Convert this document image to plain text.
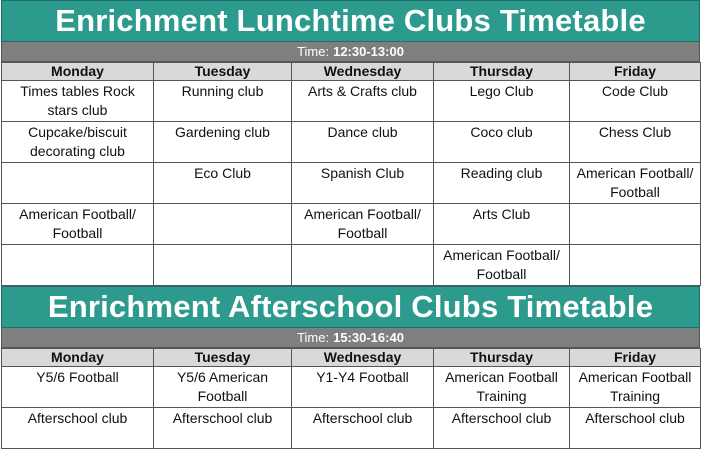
Enrichment Lunchtime Clubs Timetable
Time: 12:30-13:00
Monday	Tuesday	Wednesday	Thursday	Friday
Times tables Rock stars club	Running club	Arts & Crafts club	Lego Club	Code Club
Cupcake/biscuit decorating club	Gardening club	Dance club	Coco club	Chess Club
	Eco Club	Spanish Club	Reading club	American Football/ Football
American Football/ Football		American Football/ Football	Arts Club	
			American Football/ Football	
Enrichment Afterschool Clubs Timetable
Time: 15:30-16:40
Monday	Tuesday	Wednesday	Thursday	Friday
Y5/6 Football	Y5/6 American Football	Y1-Y4 Football	American Football Training	American Football Training
Afterschool club	Afterschool club	Afterschool club	Afterschool club	Afterschool club
